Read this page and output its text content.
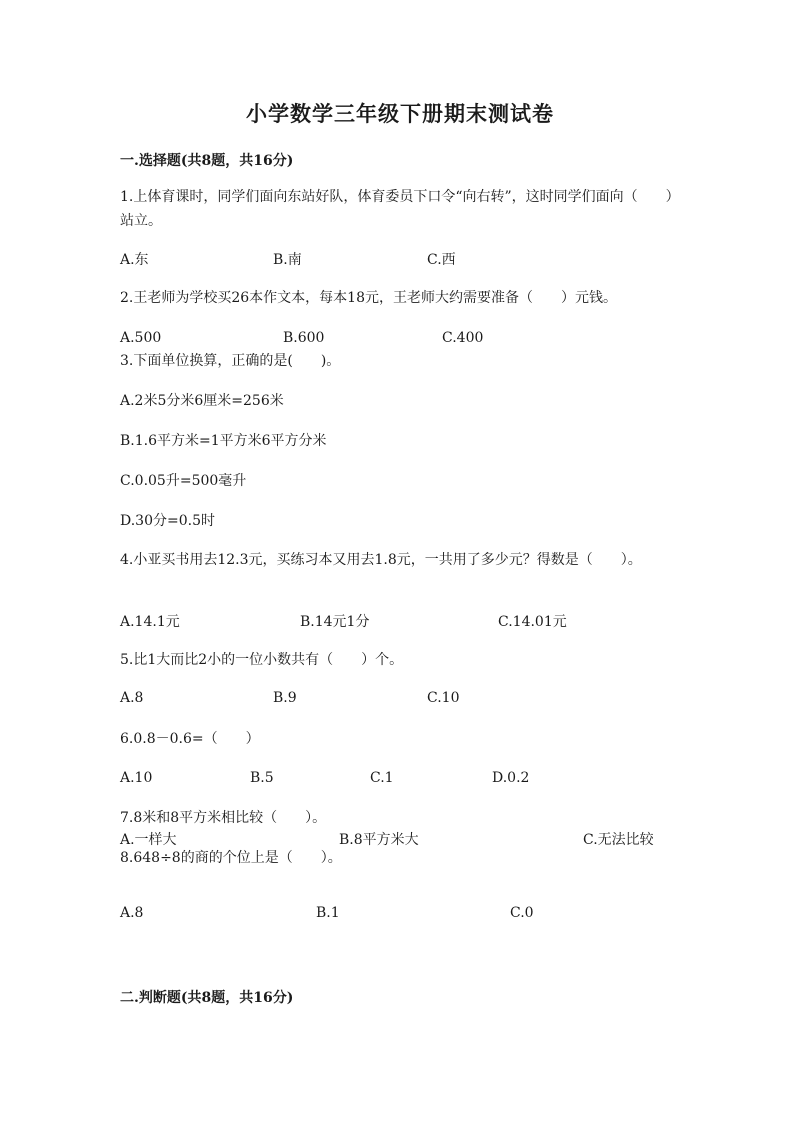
小学数学三年级下册期末测试卷
一.选择题(共8题，共16分)
1.上体育课时，同学们面向东站好队，体育委员下口令“向右转”，这时同学们面向（　　）站立。
A.东	B.南	C.西
2.王老师为学校买26本作文本，每本18元，王老师大约需要准备（　　）元钱。
A.500	B.600	C.400
3.下面单位换算，正确的是(　　)。
A.2米5分米6厘米=256米
B.1.6平方米=1平方米6平方分米
C.0.05升=500毫升
D.30分=0.5时
4.小亚买书用去12.3元，买练习本又用去1.8元，一共用了多少元？得数是（　　）。
A.14.1元	B.14元1分	C.14.01元
5.比1大而比2小的一位小数共有（　　）个。
A.8	B.9	C.10
6.0.8－0.6=（　　）
A.10	B.5	C.1	D.0.2
7.8米和8平方米相比较（　　）。
A.一样大	B.8平方米大	C.无法比较
8.648÷8的商的个位上是（　　）。
A.8	B.1	C.0
二.判断题(共8题，共16分)
